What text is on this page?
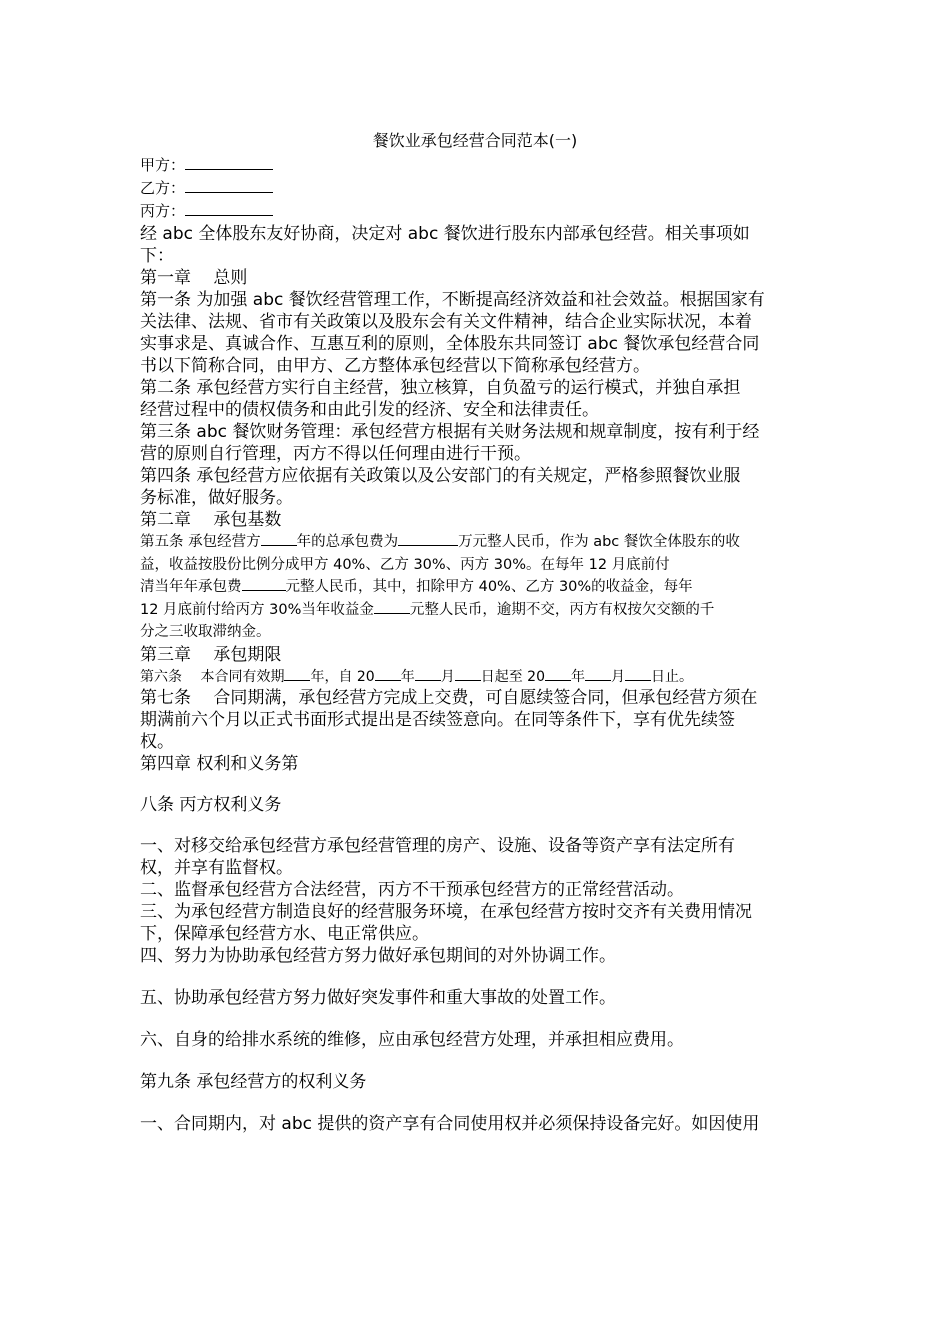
餐饮业承包经营合同范本(一)
甲方：
乙方：
丙方：
经 abc 全体股东友好协商，决定对 abc 餐饮进行股东内部承包经营。相关事项如
下：
第一章　 总则
第一条 为加强 abc 餐饮经营管理工作，不断提高经济效益和社会效益。根据国家有
关法律、法规、省市有关政策以及股东会有关文件精神，结合企业实际状况，本着
实事求是、真诚合作、互惠互利的原则，全体股东共同签订 abc 餐饮承包经营合同
书以下简称合同，由甲方、乙方整体承包经营以下简称承包经营方。
第二条 承包经营方实行自主经营，独立核算，自负盈亏的运行模式，并独自承担
经营过程中的债权债务和由此引发的经济、安全和法律责任。
第三条 abc 餐饮财务管理：承包经营方根据有关财务法规和规章制度，按有利于经
营的原则自行管理，丙方不得以任何理由进行干预。
第四条 承包经营方应依据有关政策以及公安部门的有关规定，严格参照餐饮业服
务标准，做好服务。
第二章　 承包基数
第五条 承包经营方 年的总承包费为	万元整人民币，作为 abc 餐饮全体股东的收
益，收益按股份比例分成甲方 40%、乙方 30%、丙方 30%。在每年 12 月底前付
清当年年承包费	元整人民币，其中，扣除甲方 40%、乙方 30%的收益金，每年
12 月底前付给丙方 30%当年收益金 元整人民币，逾期不交，丙方有权按欠交额的千
分之三收取滞纳金。
第三章　 承包期限
第六条　 本合同有效期 年，自 20 年 月 日起至 20 年 月 日止。
第七条　 合同期满，承包经营方完成上交费，可自愿续签合同，但承包经营方须在
期满前六个月以正式书面形式提出是否续签意向。在同等条件下，享有优先续签
权。
第四章 权利和义务第
八条 丙方权利义务
一、对移交给承包经营方承包经营管理的房产、设施、设备等资产享有法定所有
权，并享有监督权。
二、监督承包经营方合法经营，丙方不干预承包经营方的正常经营活动。
三、为承包经营方制造良好的经营服务环境，在承包经营方按时交齐有关费用情况
下，保障承包经营方水、电正常供应。
四、努力为协助承包经营方努力做好承包期间的对外协调工作。
五、协助承包经营方努力做好突发事件和重大事故的处置工作。
六、自身的给排水系统的维修，应由承包经营方处理，并承担相应费用。
第九条 承包经营方的权利义务
一、合同期内，对 abc 提供的资产享有合同使用权并必须保持设备完好。如因使用
